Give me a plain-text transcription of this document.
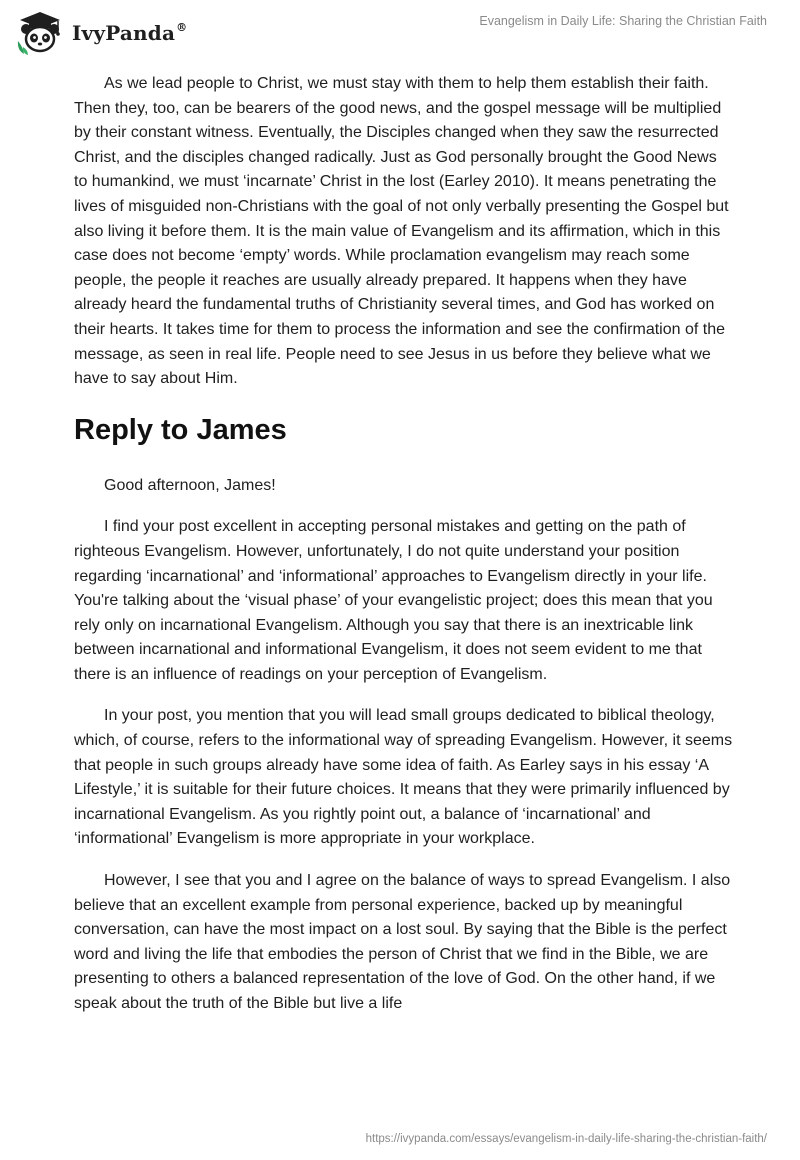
IvyPanda®	Evangelism in Daily Life: Sharing the Christian Faith

As we lead people to Christ, we must stay with them to help them establish their faith. Then they, too, can be bearers of the good news, and the gospel message will be multiplied by their constant witness. Eventually, the Disciples changed when they saw the resurrected Christ, and the disciples changed radically. Just as God personally brought the Good News to humankind, we must ‘incarnate’ Christ in the lost (Earley 2010). It means penetrating the lives of misguided non-Christians with the goal of not only verbally presenting the Gospel but also living it before them. It is the main value of Evangelism and its affirmation, which in this case does not become ‘empty’ words. While proclamation evangelism may reach some people, the people it reaches are usually already prepared. It happens when they have already heard the fundamental truths of Christianity several times, and God has worked on their hearts. It takes time for them to process the information and see the confirmation of the message, as seen in real life. People need to see Jesus in us before they believe what we have to say about Him.

Reply to James

Good afternoon, James!

I find your post excellent in accepting personal mistakes and getting on the path of righteous Evangelism. However, unfortunately, I do not quite understand your position regarding ‘incarnational’ and ‘informational’ approaches to Evangelism directly in your life. You're talking about the ‘visual phase’ of your evangelistic project; does this mean that you rely only on incarnational Evangelism. Although you say that there is an inextricable link between incarnational and informational Evangelism, it does not seem evident to me that there is an influence of readings on your perception of Evangelism.

In your post, you mention that you will lead small groups dedicated to biblical theology, which, of course, refers to the informational way of spreading Evangelism. However, it seems that people in such groups already have some idea of faith. As Earley says in his essay ‘A Lifestyle,’ it is suitable for their future choices. It means that they were primarily influenced by incarnational Evangelism. As you rightly point out, a balance of ‘incarnational’ and ‘informational’ Evangelism is more appropriate in your workplace.

However, I see that you and I agree on the balance of ways to spread Evangelism. I also believe that an excellent example from personal experience, backed up by meaningful conversation, can have the most impact on a lost soul. By saying that the Bible is the perfect word and living the life that embodies the person of Christ that we find in the Bible, we are presenting to others a balanced representation of the love of God. On the other hand, if we speak about the truth of the Bible but live a life

https://ivypanda.com/essays/evangelism-in-daily-life-sharing-the-christian-faith/
